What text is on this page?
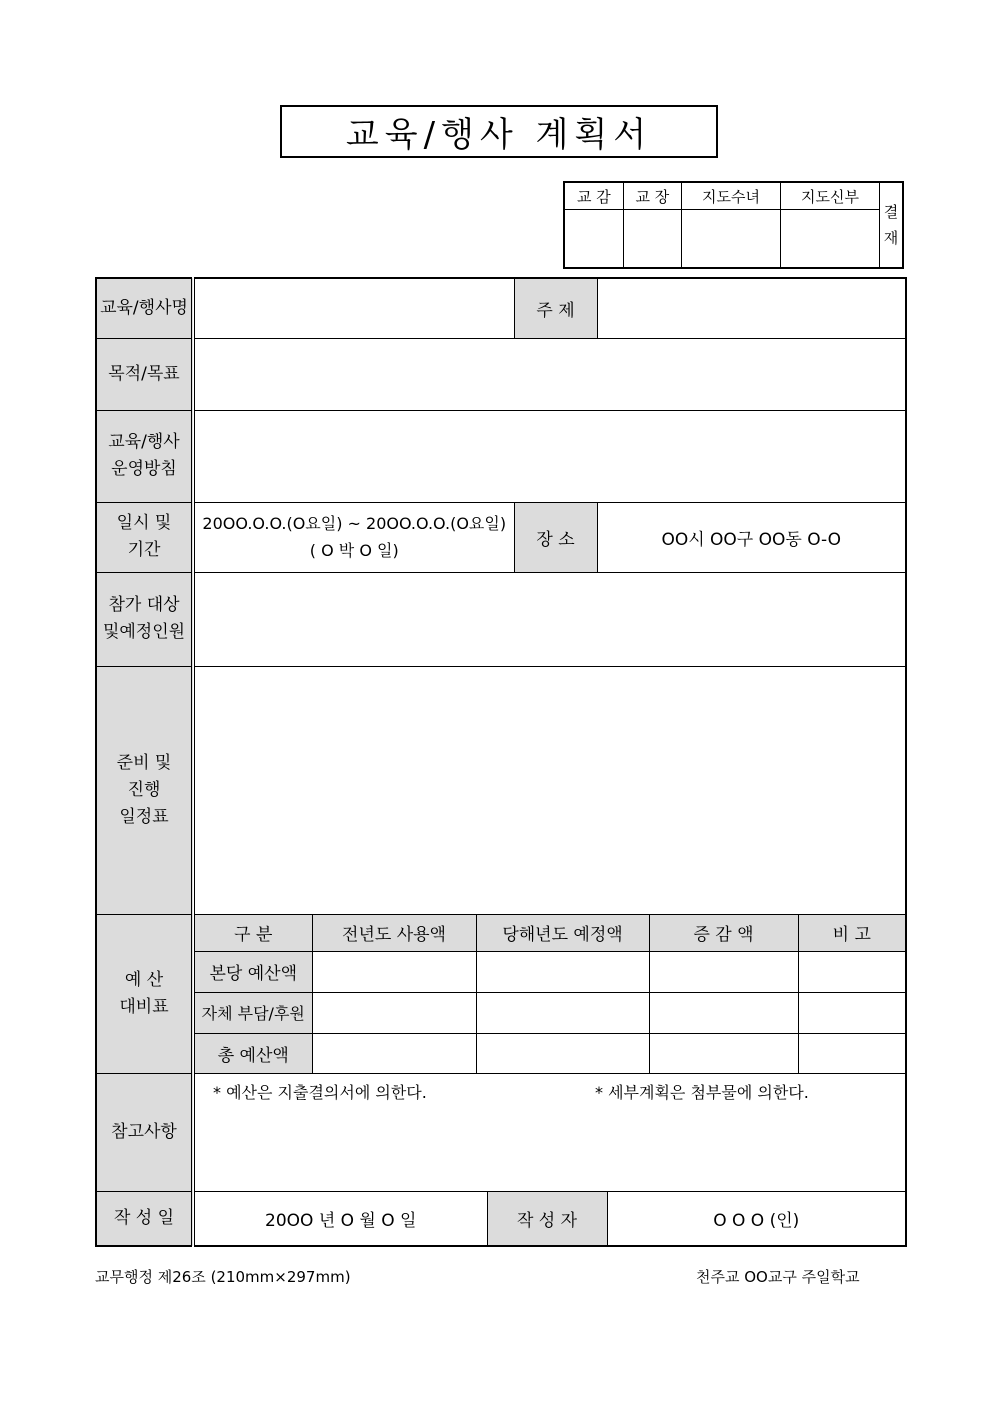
교육/행사 계획서
교 감	교 장	지도수녀	지도신부	결
재

교육/행사명		주 제	
목적/목표	
교육/행사
운영방침	
일시 및
기간	20OO.O.O.(O요일) ~ 20OO.O.O.(O요일)
( O 박 O 일)	장 소	OO시 OO구 OO동 O-O
참가 대상
및예정인원	
준비 및
진행
일정표	
예 산
대비표	
구 분	전년도 사용액	당해년도 예정액	증 감 액	비 고
본당 예산액				
자체 부담/후원				
총 예산액				

참고사항	
* 예산은 지출결의서에 의한다.	* 세부계획은 첨부물에 의한다.

작 성 일		20OO 년 O 월 O 일	작 성 자	O O O (인)
교무행정 제26조 (210mm×297mm)	천주교 OO교구 주일학교
